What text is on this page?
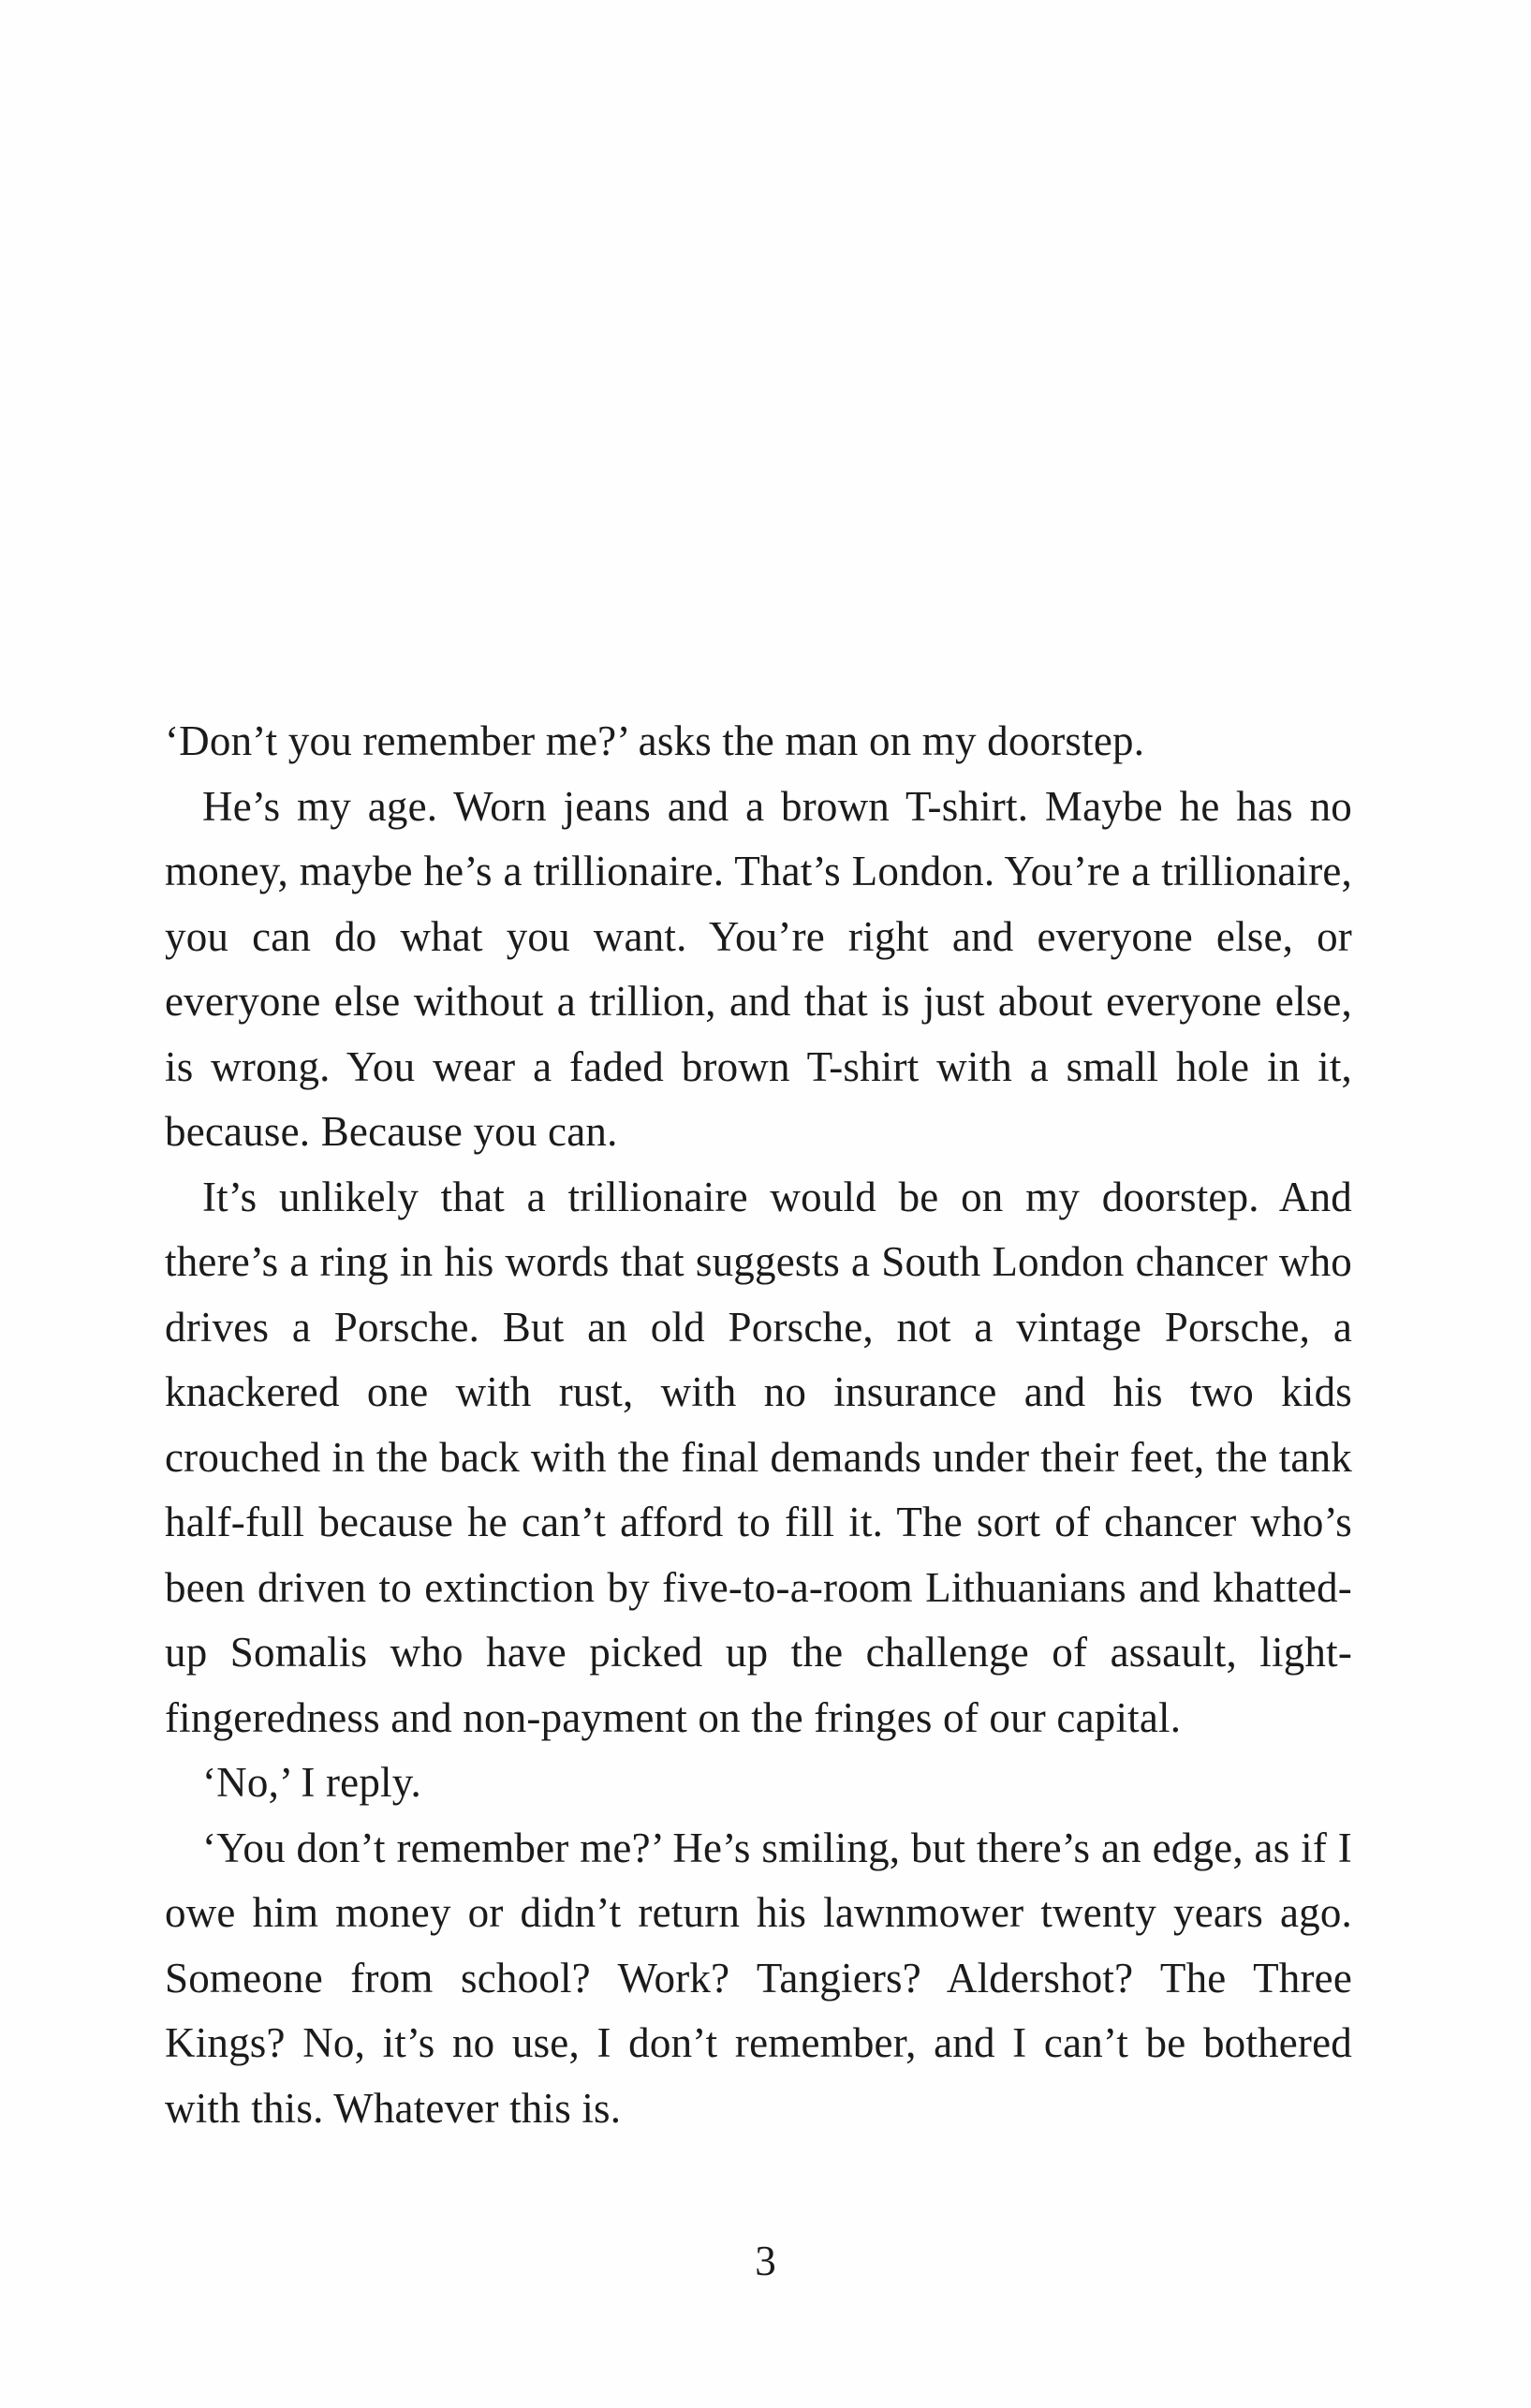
‘Don’t you remember me?’ asks the man on my doorstep.

He’s my age. Worn jeans and a brown T-shirt. Maybe he has no money, maybe he’s a trillionaire. That’s London. You’re a trillionaire, you can do what you want. You’re right and everyone else, or everyone else without a trillion, and that is just about everyone else, is wrong. You wear a faded brown T-shirt with a small hole in it, because. Because you can.

It’s unlikely that a trillionaire would be on my doorstep. And there’s a ring in his words that suggests a South London chancer who drives a Porsche. But an old Porsche, not a vintage Porsche, a knackered one with rust, with no insurance and his two kids crouched in the back with the final demands under their feet, the tank half-full because he can’t afford to fill it. The sort of chancer who’s been driven to extinction by five-to-a-room Lithuanians and khatted-up Somalis who have picked up the challenge of assault, light-fingeredness and non-payment on the fringes of our capital.

‘No,’ I reply.

‘You don’t remember me?’ He’s smiling, but there’s an edge, as if I owe him money or didn’t return his lawnmower twenty years ago. Someone from school? Work? Tangiers? Aldershot? The Three Kings? No, it’s no use, I don’t remember, and I can’t be bothered with this. Whatever this is.

3
